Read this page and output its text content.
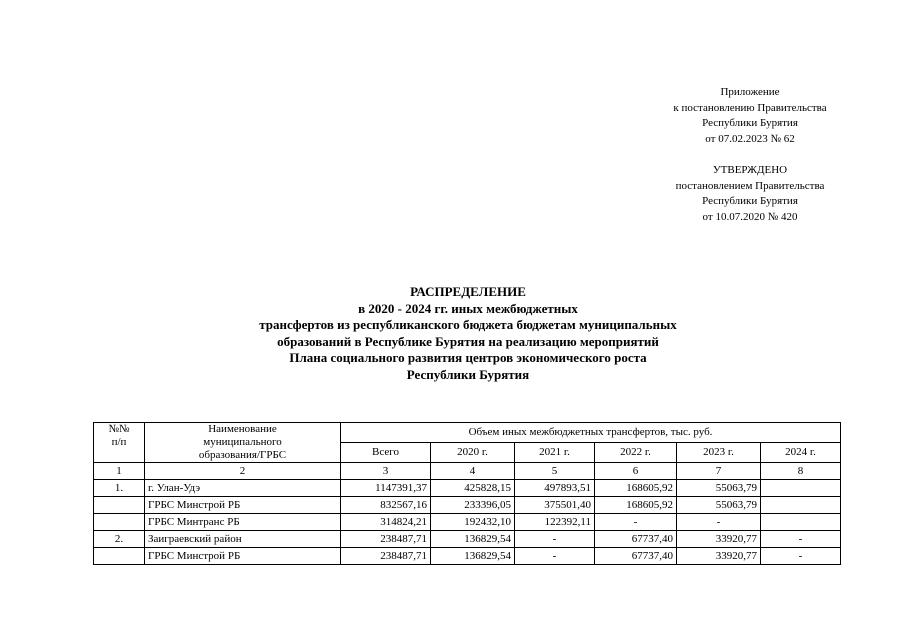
Приложение
к постановлению Правительства
Республики Бурятия
от 07.02.2023 № 62
УТВЕРЖДЕНО
постановлением Правительства
Республики Бурятия
от 10.07.2020 № 420
РАСПРЕДЕЛЕНИЕ
в 2020 - 2024 гг. иных межбюджетных
трансфертов из республиканского бюджета бюджетам муниципальных
образований в Республике Бурятия на реализацию мероприятий
Плана социального развития центров экономического роста
Республики Бурятия
№№
п/п	Наименование
муниципального
образования/ГРБС	Объем иных межбюджетных трансфертов, тыс. руб.					
		Всего	2020 г.	2021 г.	2022 г.	2023 г.	2024 г.
1	2	3	4	5	6	7	8
1.	г. Улан-Удэ	1147391,37	425828,15	497893,51	168605,92	55063,79	
	ГРБС Минстрой РБ	832567,16	233396,05	375501,40	168605,92	55063,79	
	ГРБС Минтранс РБ	314824,21	192432,10	122392,11	-	-	
2.	Заиграевский район	238487,71	136829,54	-	67737,40	33920,77	-
	ГРБС Минстрой РБ	238487,71	136829,54	-	67737,40	33920,77	-
